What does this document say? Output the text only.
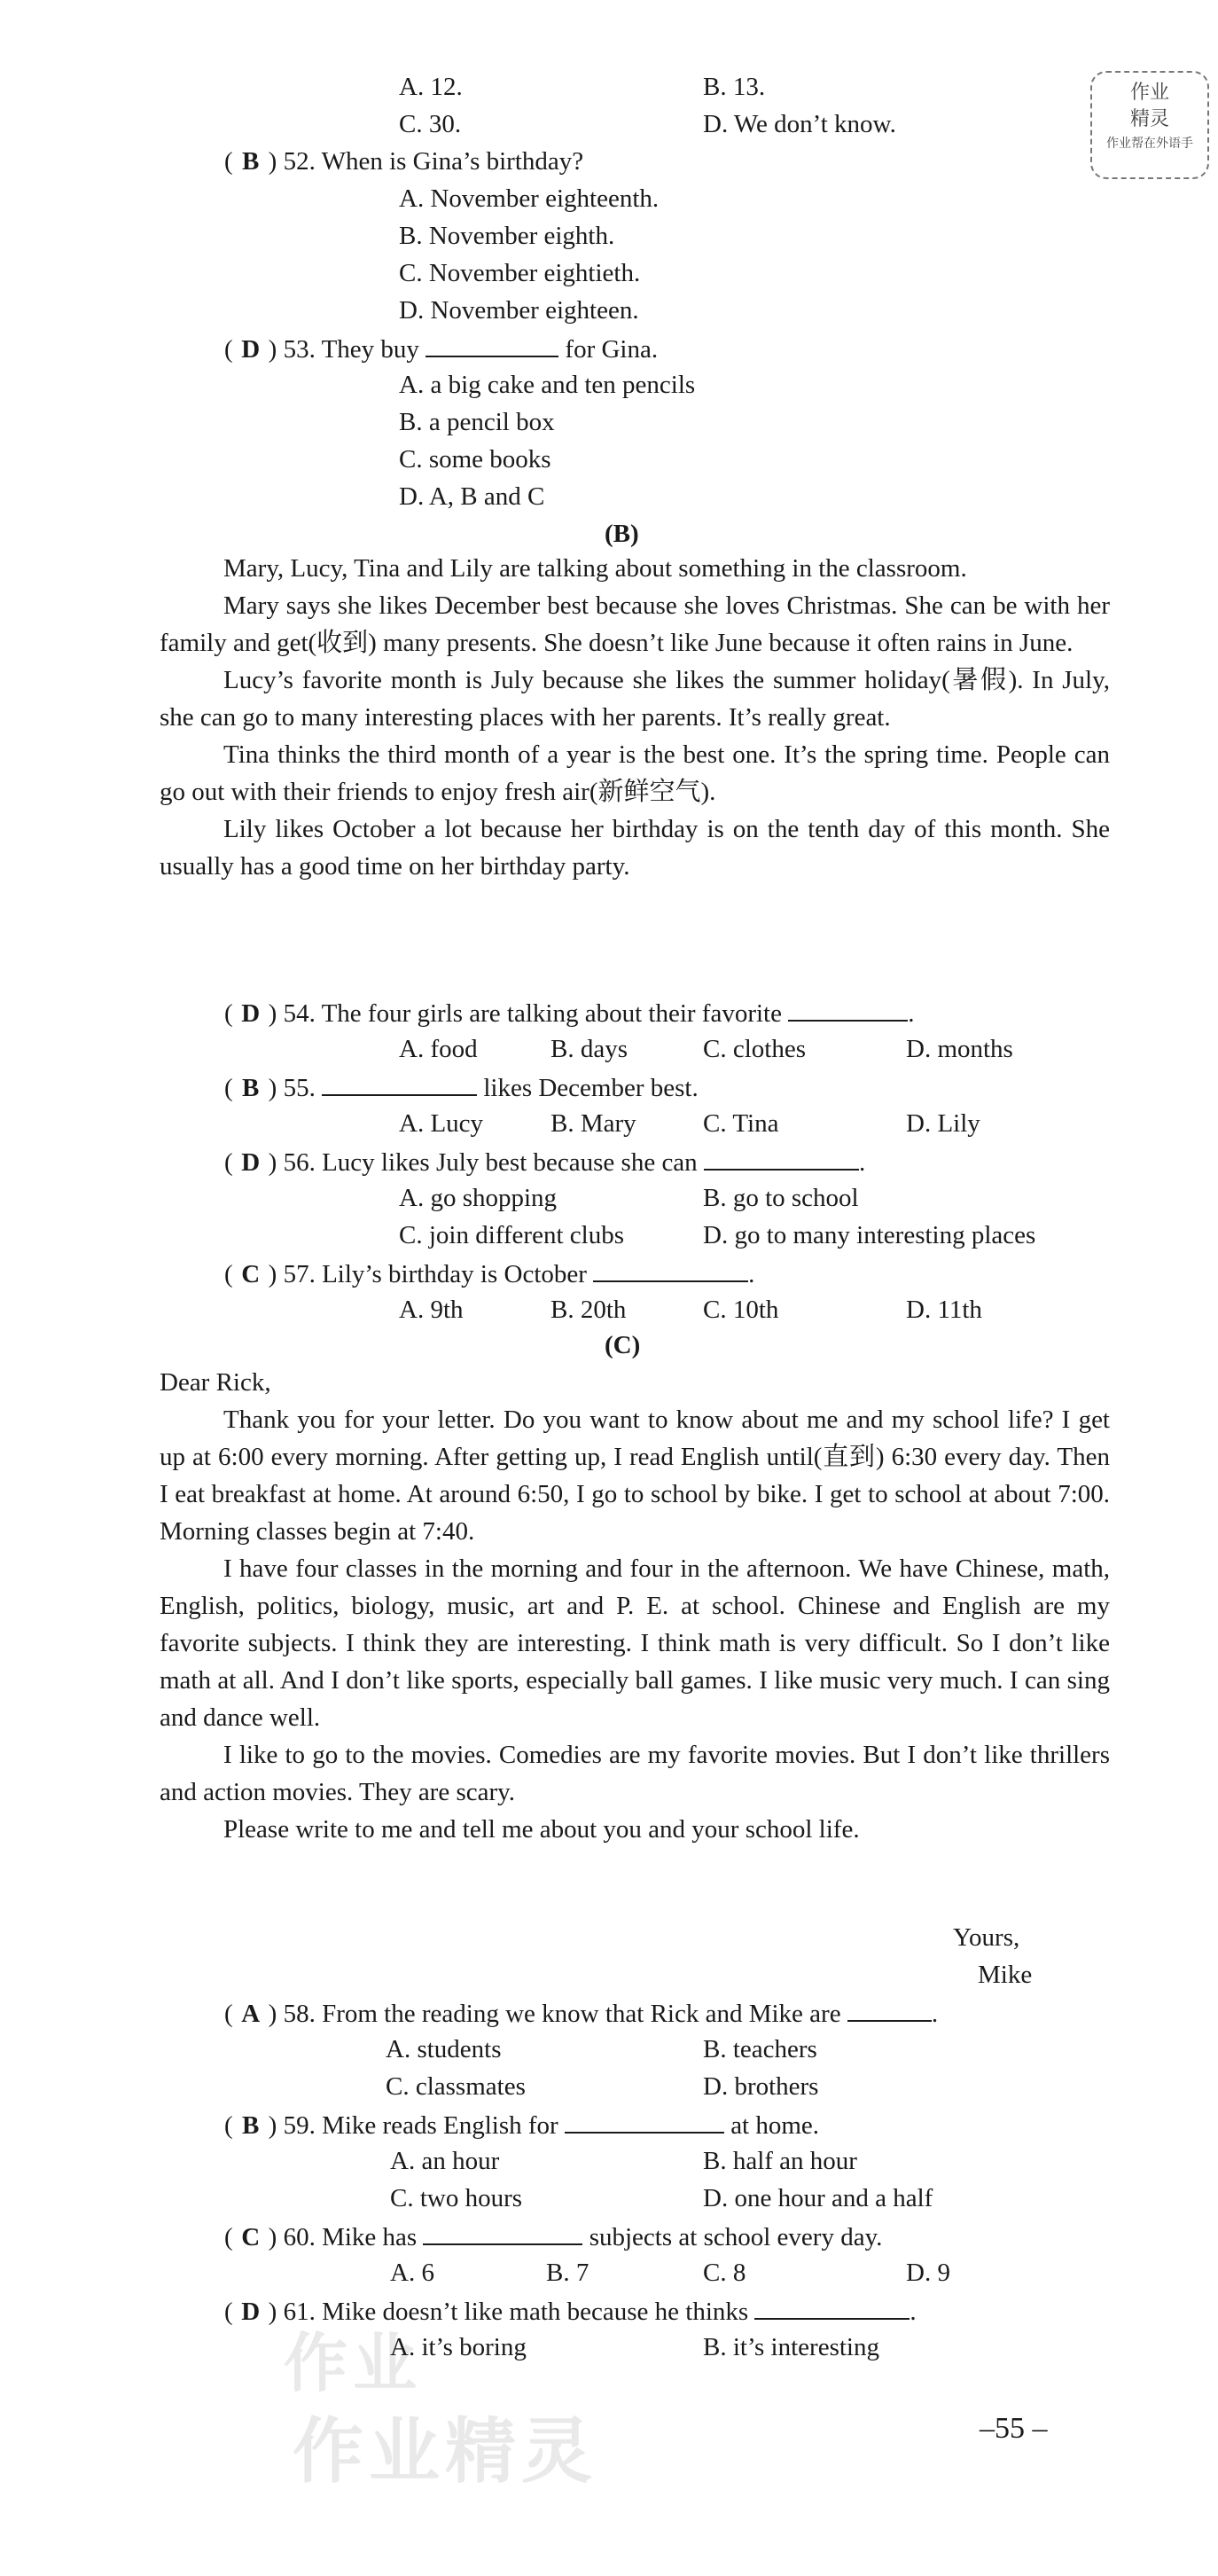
作业
作业精灵
作业
精灵
作业帮在外语手
A. 12.	B. 13.
C. 30.	D. We don’t know.
( B ) 52. When is Gina’s birthday?
A. November eighteenth.
B. November eighth.
C. November eightieth.
D. November eighteen.
( D ) 53. They buy	for Gina.
A. a big cake and ten pencils
B. a pencil box
C. some books
D. A, B and C
(B)

Mary, Lucy, Tina and Lily are talking about something in the classroom.

Mary says she likes December best because she loves Christmas. She can be with her family and get(收到) many presents. She doesn’t like June because it often rains in June.

Lucy’s favorite month is July because she likes the summer holiday(暑假). In July, she can go to many interesting places with her parents. It’s really great.

Tina thinks the third month of a year is the best one. It’s the spring time. People can go out with their friends to enjoy fresh air(新鲜空气).

Lily likes October a lot because her birthday is on the tenth day of this month. She usually has a good time on her birthday party.

( D ) 54. The four girls are talking about their favorite	.
A. food	B. days	C. clothes	D. months
( B ) 55.	likes December best.
A. Lucy	B. Mary	C. Tina	D. Lily
( D ) 56. Lucy likes July best because she can	.
A. go shopping	B. go to school
C. join different clubs	D. go to many interesting places
( C ) 57. Lily’s birthday is October	.
A. 9th	B. 20th	C. 10th	D. 11th
(C)
Dear Rick,

Thank you for your letter. Do you want to know about me and my school life? I get up at 6:00 every morning. After getting up, I read English until(直到) 6:30 every day. Then I eat breakfast at home. At around 6:50, I go to school by bike. I get to school at about 7:00. Morning classes begin at 7:40.

I have four classes in the morning and four in the afternoon. We have Chinese, math, English, politics, biology, music, art and P. E. at school. Chinese and English are my favorite subjects. I think they are interesting. I think math is very difficult. So I don’t like math at all. And I don’t like sports, especially ball games. I like music very much. I can sing and dance well.

I like to go to the movies. Comedies are my favorite movies. But I don’t like thrillers and action movies. They are scary.

Please write to me and tell me about you and your school life.

Yours,
Mike
( A ) 58. From the reading we know that Rick and Mike are	.
A. students	B. teachers
C. classmates	D. brothers
( B ) 59. Mike reads English for	at home.
A. an hour	B. half an hour
C. two hours	D. one hour and a half
( C ) 60. Mike has	subjects at school every day.
A. 6	B. 7	C. 8	D. 9
( D ) 61. Mike doesn’t like math because he thinks	.
A. it’s boring	B. it’s interesting
–55 –
